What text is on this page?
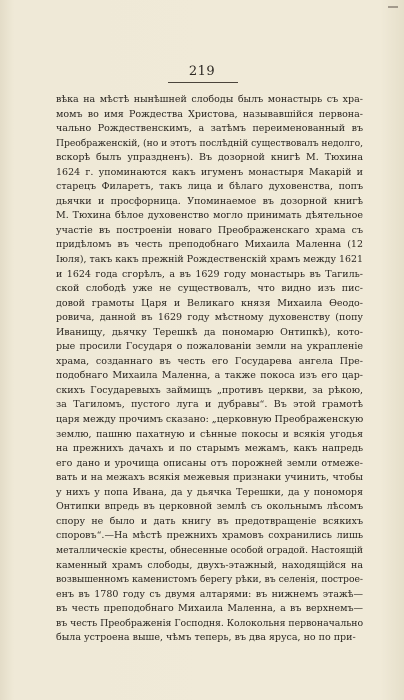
219
вѣка на мѣстѣ нынѣшней слободы былъ монастырь съ хра-
момъ во имя Рождества Христова, называвшійся первона-
чально Рождественскимъ, а затѣмъ переименованный въ
Преображенскій, (но и этотъ послѣдній существовалъ недолго,
вскорѣ былъ упраздненъ). Въ дозорной книгѣ М. Тюхина
1624 г. упоминаются какъ игуменъ монастыря Макарій и
старецъ Филаретъ, такъ лица и бѣлаго духовенства, попъ
дьячки и просфорница. Упоминаемое въ дозорной книгѣ
М. Тюхина бѣлое духовенство могло принимать дѣятельное
участіе въ построеніи новаго Преображенскаго храма съ
придѣломъ въ честь преподобнаго Михаила Маленна (12
Іюля), такъ какъ прежній Рождественскій храмъ между 1621
и 1624 года сгорѣлъ, а въ 1629 году монастырь въ Тагиль-
ской слободѣ уже не существовалъ, что видно изъ пис-
довой грамоты Царя и Великаго князя Михаила Ѳеодо-
ровича, данной въ 1629 году мѣстному духовенству (попу
Иванищу, дьячку Терешкѣ да пономарю Онтипкѣ), кото-
рые просили Государя о пожалованіи земли на украпленіе
храма, созданнаго въ честь его Государева ангела Пре-
подобнаго Михаила Маленна, а также покоса изъ его цар-
скихъ Государевыхъ займищъ „противъ церкви, за рѣкою,
за Тагиломъ, пустого луга и дубравы“. Въ этой грамотѣ
царя между прочимъ сказано: „церковную Преображенскую
землю, пашню пахатную и сѣнные покосы и всякія угодья
на прежнихъ дачахъ и по старымъ межамъ, какъ напредь
его дано и урочища описаны отъ порожней земли отмеже-
вать и на межахъ всякія межевыя признаки учинить, чтобы
у нихъ у попа Ивана, да у дьячка Терешки, да у пономоря
Онтипки впредь въ церковной землѣ съ окольнымъ лѣсомъ
спору не было и дать книгу въ предотвращеніе всякихъ
споровъ“.—На мѣстѣ прежнихъ храмовъ сохранились лишь
металлическіе кресты, обнесенные особой оградой. Настоящій
каменный храмъ слободы, двухъ-этажный, находящійся на
возвышенномъ каменистомъ берегу рѣки, въ селенія, построе-
енъ въ 1780 году съ двумя алтарями: въ нижнемъ этажѣ—
въ честь преподобнаго Михаила Маленна, а въ верхнемъ—
въ честь Преображенія Господня. Колокольня первоначально
была устроена выше, чѣмъ теперь, въ два яруса, но по при-
